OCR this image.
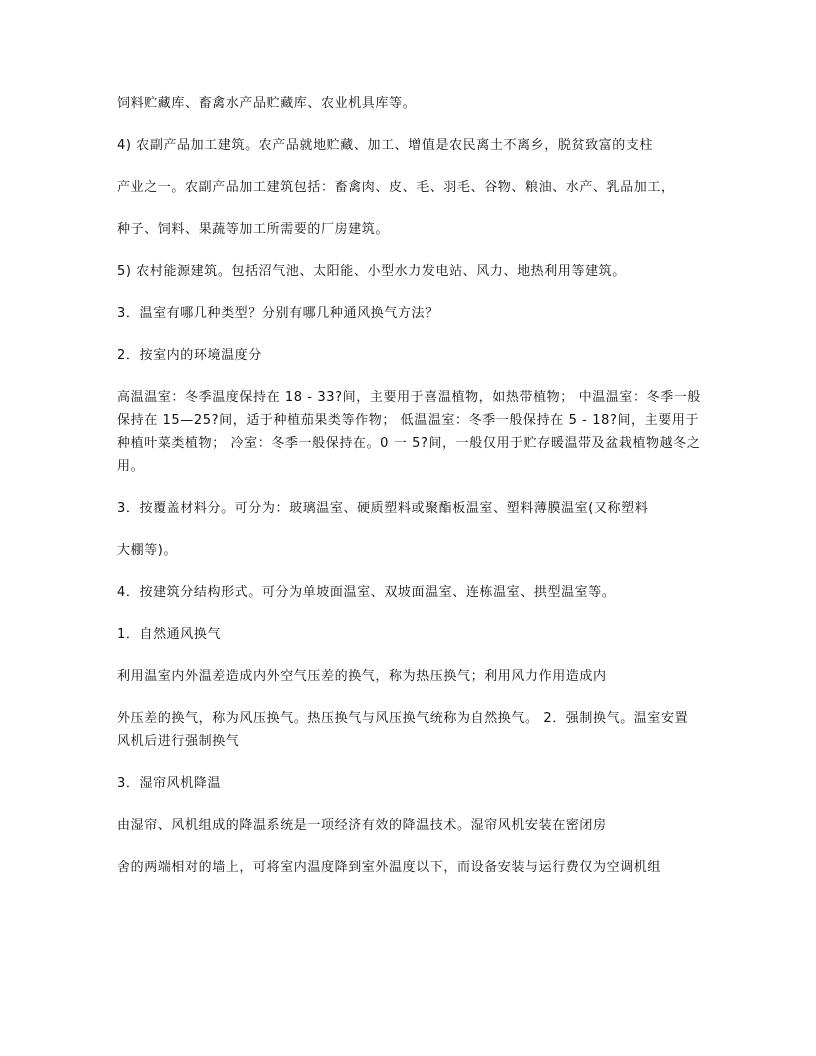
饲料贮藏库、畜禽水产品贮藏库、农业机具库等。

4) 农副产品加工建筑。农产品就地贮藏、加工、增值是农民离土不离乡，脱贫致富的支柱

产业之一。农副产品加工建筑包括：畜禽肉、皮、毛、羽毛、谷物、粮油、水产、乳品加工，

种子、饲料、果蔬等加工所需要的厂房建筑。

5) 农村能源建筑。包括沼气池、太阳能、小型水力发电站、风力、地热利用等建筑。

3．温室有哪几种类型？分别有哪几种通风换气方法？

2．按室内的环境温度分

高温温室：冬季温度保持在 18 - 33?间，主要用于喜温植物，如热带植物； 中温温室：冬季一般保持在 15—25?间，适于种植茄果类等作物； 低温温室：冬季一般保持在 5 - 18?间，主要用于种植叶菜类植物； 冷室：冬季一般保持在。0 一 5?间，一般仅用于贮存暖温带及盆栽植物越冬之用。

3．按覆盖材料分。可分为：玻璃温室、硬质塑料或聚酯板温室、塑料薄膜温室(又称塑料

大棚等)。

4．按建筑分结构形式。可分为单坡面温室、双坡面温室、连栋温室、拱型温室等。

1．自然通风换气

利用温室内外温差造成内外空气压差的换气，称为热压换气；利用风力作用造成内

外压差的换气，称为风压换气。热压换气与风压换气统称为自然换气。 2．强制换气。温室安置风机后进行强制换气

3．湿帘风机降温

由湿帘、风机组成的降温系统是一项经济有效的降温技术。湿帘风机安装在密闭房

舍的两端相对的墙上，可将室内温度降到室外温度以下，而设备安装与运行费仅为空调机组
